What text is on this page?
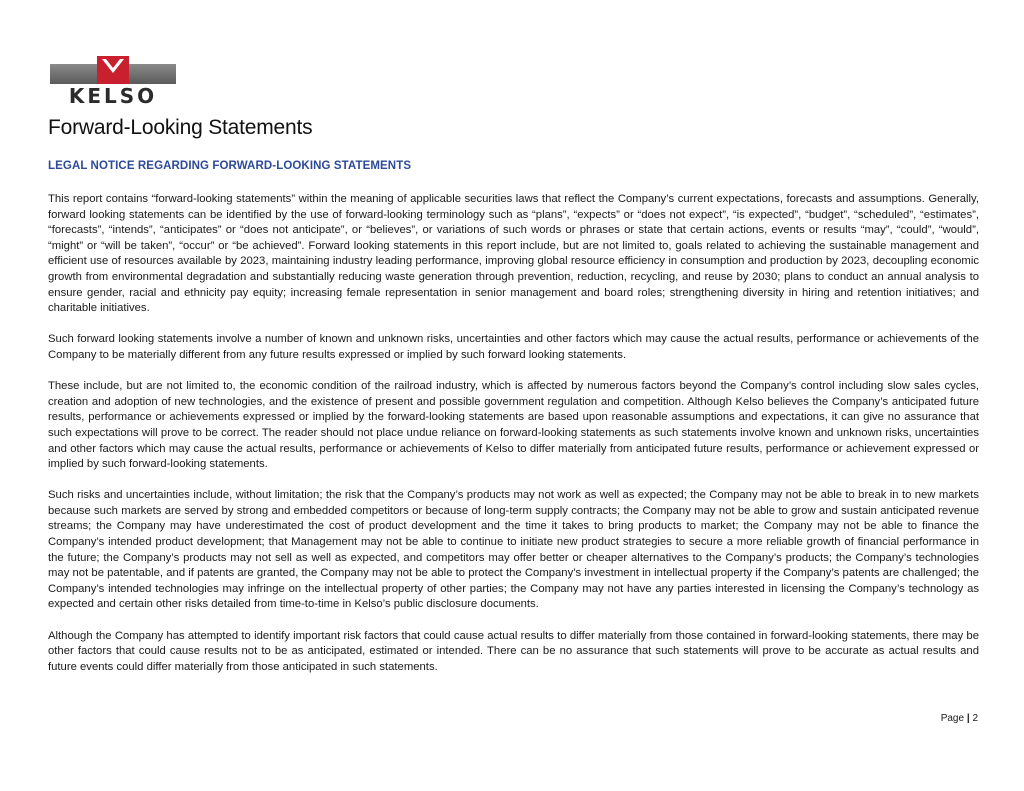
KELSO
Forward-Looking Statements
LEGAL NOTICE REGARDING FORWARD-LOOKING STATEMENTS

This report contains “forward-looking statements” within the meaning of applicable securities laws that reflect the Company’s current expectations, forecasts and assumptions. Generally, forward looking statements can be identified by the use of forward-looking terminology such as “plans”, “expects” or “does not expect”, “is expected”, “budget”, “scheduled”, “estimates”, “forecasts”, “intends”, “anticipates” or “does not anticipate”, or “believes”, or variations of such words or phrases or state that certain actions, events or results “may”, “could”, “would”, “might” or “will be taken”, “occur” or “be achieved”. Forward looking statements in this report include, but are not limited to, goals related to achieving the sustainable management and efficient use of resources available by 2023, maintaining industry leading performance, improving global resource efficiency in consumption and production by 2023, decoupling economic growth from environmental degradation and substantially reducing waste generation through prevention, reduction, recycling, and reuse by 2030; plans to conduct an annual analysis to ensure gender, racial and ethnicity pay equity; increasing female representation in senior management and board roles; strengthening diversity in hiring and retention initiatives; and charitable initiatives.

Such forward looking statements involve a number of known and unknown risks, uncertainties and other factors which may cause the actual results, performance or achievements of the Company to be materially different from any future results expressed or implied by such forward looking statements.

These include, but are not limited to, the economic condition of the railroad industry, which is affected by numerous factors beyond the Company’s control including slow sales cycles, creation and adoption of new technologies, and the existence of present and possible government regulation and competition. Although Kelso believes the Company’s anticipated future results, performance or achievements expressed or implied by the forward-looking statements are based upon reasonable assumptions and expectations, it can give no assurance that such expectations will prove to be correct. The reader should not place undue reliance on forward-looking statements as such statements involve known and unknown risks, uncertainties and other factors which may cause the actual results, performance or achievements of Kelso to differ materially from anticipated future results, performance or achievement expressed or implied by such forward-looking statements.

Such risks and uncertainties include, without limitation; the risk that the Company’s products may not work as well as expected; the Company may not be able to break in to new markets because such markets are served by strong and embedded competitors or because of long-term supply contracts; the Company may not be able to grow and sustain anticipated revenue streams; the Company may have underestimated the cost of product development and the time it takes to bring products to market; the Company may not be able to finance the Company’s intended product development; that Management may not be able to continue to initiate new product strategies to secure a more reliable growth of financial performance in the future; the Company’s products may not sell as well as expected, and competitors may offer better or cheaper alternatives to the Company’s products; the Company’s technologies may not be patentable, and if patents are granted, the Company may not be able to protect the Company’s investment in intellectual property if the Company’s patents are challenged; the Company’s intended technologies may infringe on the intellectual property of other parties; the Company may not have any parties interested in licensing the Company’s technology as expected and certain other risks detailed from time-to-time in Kelso’s public disclosure documents.

Although the Company has attempted to identify important risk factors that could cause actual results to differ materially from those contained in forward-looking statements, there may be other factors that could cause results not to be as anticipated, estimated or intended. There can be no assurance that such statements will prove to be accurate as actual results and future events could differ materially from those anticipated in such statements.

Page | 2
